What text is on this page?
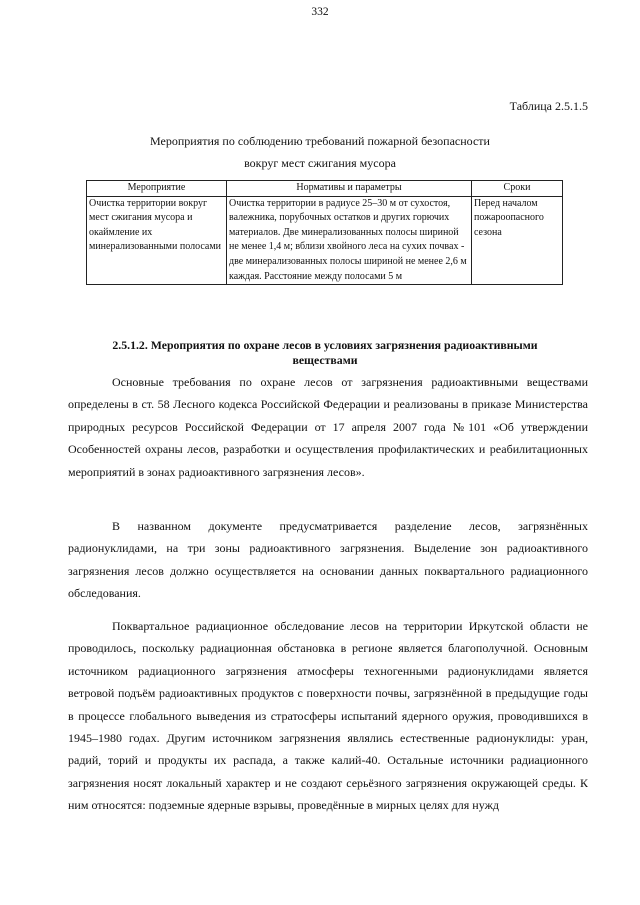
332
Таблица 2.5.1.5
Мероприятия по соблюдению требований пожарной безопасности
вокруг мест сжигания мусора
Мероприятие	Нормативы и параметры	Сроки
Очистка территории вокруг мест сжигания мусора и окаймление их минерализованными полосами	Очистка территории в радиусе 25–30 м от сухостоя, валежника, порубочных остатков и других горючих материалов. Две минерализованных полосы шириной не менее 1,4 м; вблизи хвойного леса на сухих почвах - две минерализованных полосы шириной не менее 2,6 м каждая. Расстояние между полосами 5 м	Перед началом пожароопасного сезона
2.5.1.2. Мероприятия по охране лесов в условиях загрязнения радиоактивными веществами

Основные требования по охране лесов от загрязнения радиоактивными веществами определены в ст. 58 Лесного кодекса Российской Федерации и реализованы в приказе Министерства природных ресурсов Российской Федерации от 17 апреля 2007 года №101 «Об утверждении Особенностей охраны лесов, разработки и осуществления профилактических и реабилитационных мероприятий в зонах радиоактивного загрязнения лесов».

В названном документе предусматривается разделение лесов, загрязнённых радионуклидами, на три зоны радиоактивного загрязнения. Выделение зон радиоактивного загрязнения лесов должно осуществляется на основании данных поквартального радиационного обследования.

Поквартальное радиационное обследование лесов на территории Иркутской области не проводилось, поскольку радиационная обстановка в регионе является благополучной. Основным источником радиационного загрязнения атмосферы техногенными радионуклидами является ветровой подъём радиоактивных продуктов с поверхности почвы, загрязнённой в предыдущие годы в процессе глобального выведения из стратосферы испытаний ядерного оружия, проводившихся в 1945–1980 годах. Другим источником загрязнения являлись естественные радионуклиды: уран, радий, торий и продукты их распада, а также калий-40. Остальные источники радиационного загрязнения носят локальный характер и не создают серьёзного загрязнения окружающей среды. К ним относятся: подземные ядерные взрывы, проведённые в мирных целях для нужд
